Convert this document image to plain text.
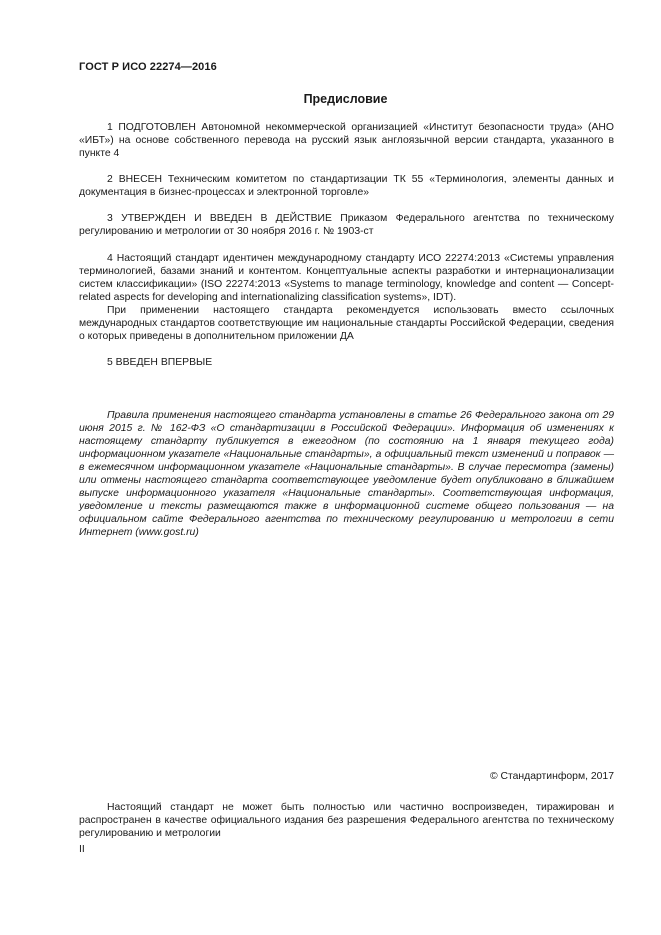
ГОСТ Р ИСО 22274—2016
Предисловие

1 ПОДГОТОВЛЕН Автономной некоммерческой организацией «Институт безопасности труда» (АНО «ИБТ») на основе собственного перевода на русский язык англоязычной версии стандарта, указанного в пункте 4

2 ВНЕСЕН Техническим комитетом по стандартизации ТК 55 «Терминология, элементы данных и документация в бизнес-процессах и электронной торговле»

3 УТВЕРЖДЕН И ВВЕДЕН В ДЕЙСТВИЕ Приказом Федерального агентства по техническому регулированию и метрологии от 30 ноября 2016 г. № 1903-ст

4 Настоящий стандарт идентичен международному стандарту ИСО 22274:2013 «Системы управления терминологией, базами знаний и контентом. Концептуальные аспекты разработки и интернационализации систем классификации» (ISO 22274:2013 «Systems to manage terminology, knowledge and content — Concept-related aspects for developing and internationalizing classification systems», IDT).

При применении настоящего стандарта рекомендуется использовать вместо ссылочных международных стандартов соответствующие им национальные стандарты Российской Федерации, сведения о которых приведены в дополнительном приложении ДА

5 ВВЕДЕН ВПЕРВЫЕ

Правила применения настоящего стандарта установлены в статье 26 Федерального закона от 29 июня 2015 г. № 162-ФЗ «О стандартизации в Российской Федерации». Информация об изменениях к настоящему стандарту публикуется в ежегодном (по состоянию на 1 января текущего года) информационном указателе «Национальные стандарты», а официальный текст изменений и поправок — в ежемесячном информационном указателе «Национальные стандарты». В случае пересмотра (замены) или отмены настоящего стандарта соответствующее уведомление будет опубликовано в ближайшем выпуске информационного указателя «Национальные стандарты». Соответствующая информация, уведомление и тексты размещаются также в информационной системе общего пользования — на официальном сайте Федерального агентства по техническому регулированию и метрологии в сети Интернет (www.gost.ru)

© Стандартинформ, 2017

Настоящий стандарт не может быть полностью или частично воспроизведен, тиражирован и распространен в качестве официального издания без разрешения Федерального агентства по техническому регулированию и метрологии

II
